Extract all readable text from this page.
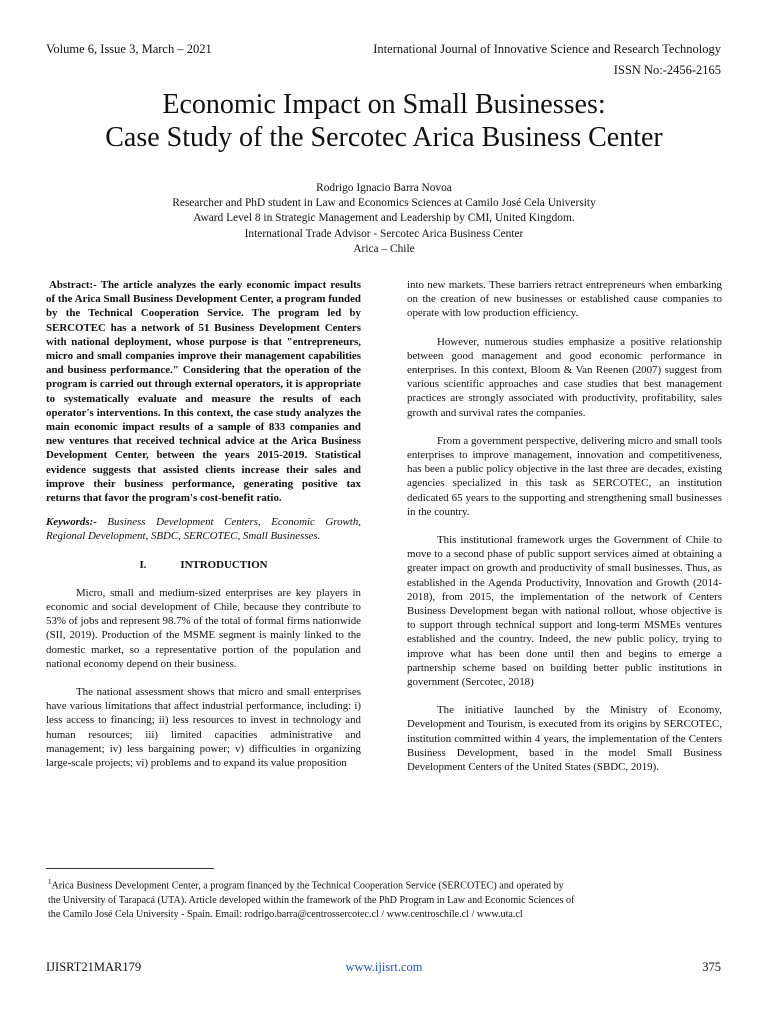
Volume 6, Issue 3, March – 2021	International Journal of Innovative Science and Research Technology
ISSN No:-2456-2165
Economic Impact on Small Businesses:
Case Study of the Sercotec Arica Business Center
Rodrigo Ignacio Barra Novoa
Researcher and PhD student in Law and Economics Sciences at Camilo José Cela University
Award Level 8 in Strategic Management and Leadership by CMI, United Kingdom.
International Trade Advisor - Sercotec Arica Business Center
Arica – Chile

Abstract:- The article analyzes the early economic impact results of the Arica Small Business Development Center, a program funded by the Technical Cooperation Service. The program led by SERCOTEC has a network of 51 Business Development Centers with national deployment, whose purpose is that "entrepreneurs, micro and small companies improve their management capabilities and business performance." Considering that the operation of the program is carried out through external operators, it is appropriate to systematically evaluate and measure the results of each operator's interventions. In this context, the case study analyzes the main economic impact results of a sample of 833 companies and new ventures that received technical advice at the Arica Business Development Center, between the years 2015-2019. Statistical evidence suggests that assisted clients increase their sales and improve their business performance, generating positive tax returns that favor the program's cost-benefit ratio.

Keywords:- Business Development Centers, Economic Growth, Regional Development, SBDC, SERCOTEC, Small Businesses.

I.	INTRODUCTION

Micro, small and medium-sized enterprises are key players in economic and social development of Chile, because they contribute to 53% of jobs and represent 98.7% of the total of formal firms nationwide (SII, 2019). Production of the MSME segment is mainly linked to the domestic market, so a representative portion of the population and national economy depend on their business.

The national assessment shows that micro and small enterprises have various limitations that affect industrial performance, including: i) less access to financing; ii) less resources to invest in technology and human resources; iii) limited capacities administrative and management; iv) less bargaining power; v) difficulties in organizing large-scale projects; vi) problems and to expand its value proposition

into new markets. These barriers retract entrepreneurs when embarking on the creation of new businesses or established cause companies to operate with low production efficiency.

However, numerous studies emphasize a positive relationship between good management and good economic performance in enterprises. In this context, Bloom & Van Reenen (2007) suggest from various scientific approaches and case studies that best management practices are strongly associated with productivity, profitability, sales growth and survival rates the companies.

From a government perspective, delivering micro and small tools enterprises to improve management, innovation and competitiveness, has been a public policy objective in the last three are decades, existing agencies specialized in this task as SERCOTEC, an institution dedicated 65 years to the supporting and strengthening small businesses in the country.

This institutional framework urges the Government of Chile to move to a second phase of public support services aimed at obtaining a greater impact on growth and productivity of small businesses. Thus, as established in the Agenda Productivity, Innovation and Growth (2014-2018), from 2015, the implementation of the network of Centers Business Development began with national rollout, whose objective is to support through technical support and long-term MSMEs ventures established and the country. Indeed, the new public policy, trying to improve what has been done until then and begins to emerge a partnership scheme based on building better public institutions in government (Sercotec, 2018)

The initiative launched by the Ministry of Economy, Development and Tourism, is executed from its origins by SERCOTEC, institution committed within 4 years, the implementation of the Centers Business Development, based in the model Small Business Development Centers of the United States (SBDC, 2019).

$^1$Arica Business Development Center, a program financed by the Technical Cooperation Service (SERCOTEC) and operated by
the University of Tarapacá (UTA). Article developed within the framework of the PhD Program in Law and Economic Sciences of
the Camilo José Cela University - Spain. Email: rodrigo.barra@centrossercotec.cl / www.centroschile.cl / www.uta.cl
IJISRT21MAR179	www.ijisrt.com	375
